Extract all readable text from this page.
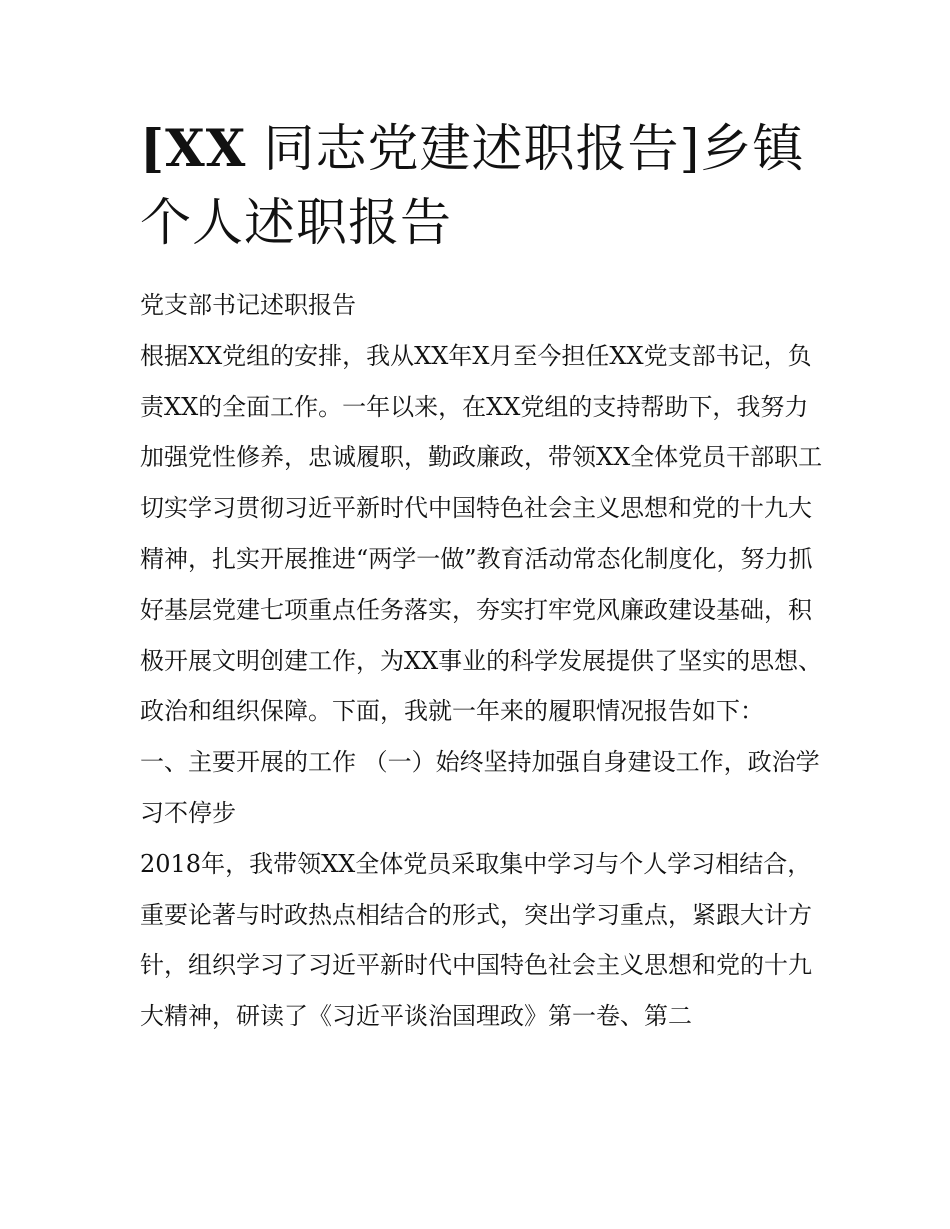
[XX 同志党建述职报告]乡镇个人述职报告

党支部书记述职报告

根据XX党组的安排，我从XX年X月至今担任XX党支部书记，负责XX的全面工作。一年以来，在XX党组的支持帮助下，我努力加强党性修养，忠诚履职，勤政廉政，带领XX全体党员干部职工切实学习贯彻习近平新时代中国特色社会主义思想和党的十九大精神，扎实开展推进“两学一做”教育活动常态化制度化，努力抓好基层党建七项重点任务落实，夯实打牢党风廉政建设基础，积极开展文明创建工作，为XX事业的科学发展提供了坚实的思想、政治和组织保障。下面，我就一年来的履职情况报告如下：

一、主要开展的工作 （一）始终坚持加强自身建设工作，政治学习不停步

2018年，我带领XX全体党员采取集中学习与个人学习相结合，重要论著与时政热点相结合的形式，突出学习重点，紧跟大计方针，组织学习了习近平新时代中国特色社会主义思想和党的十九大精神，研读了《习近平谈治国理政》第一卷、第二
